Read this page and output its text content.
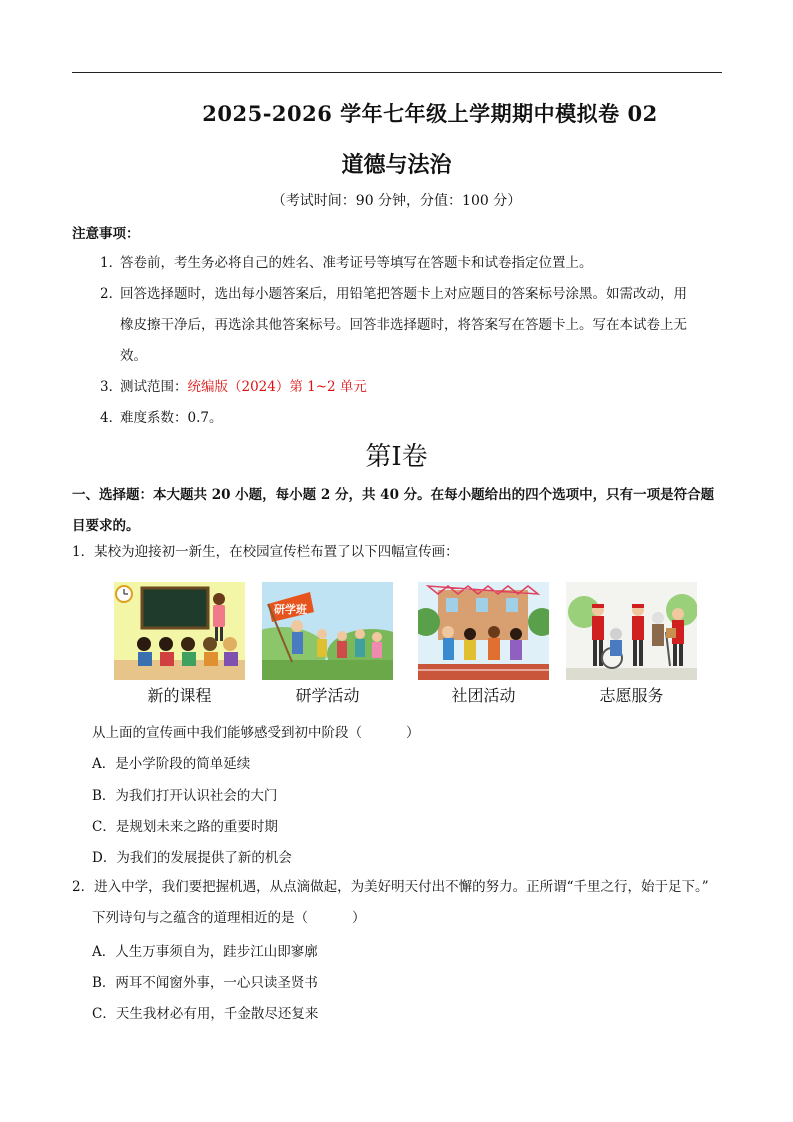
2025-2026 学年七年级上学期期中模拟卷 02
道德与法治
（考试时间：90 分钟，分值：100 分）
注意事项：
1．答卷前，考生务必将自己的姓名、准考证号等填写在答题卡和试卷指定位置上。
2．回答选择题时，选出每小题答案后，用铅笔把答题卡上对应题目的答案标号涂黑。如需改动，用
橡皮擦干净后，再选涂其他答案标号。回答非选择题时，将答案写在答题卡上。写在本试卷上无
效。
3．测试范围：统编版（2024）第 1~2 单元
4．难度系数：0.7。
第I卷
一、选择题：本大题共 20 小题，每小题 2 分，共 40 分。在每小题给出的四个选项中，只有一项是符合题
目要求的。
1．某校为迎接初一新生，在校园宣传栏布置了以下四幅宣传画：
研学班
新的课程	研学活动	社团活动	志愿服务
从上面的宣传画中我们能够感受到初中阶段（	）
A．是小学阶段的简单延续
B．为我们打开认识社会的大门
C．是规划未来之路的重要时期
D．为我们的发展提供了新的机会
2．进入中学，我们要把握机遇，从点滴做起，为美好明天付出不懈的努力。正所谓“千里之行，始于足下。”
下列诗句与之蕴含的道理相近的是（	）
A．人生万事须自为，跬步江山即寥廓
B．两耳不闻窗外事，一心只读圣贤书
C．天生我材必有用，千金散尽还复来
